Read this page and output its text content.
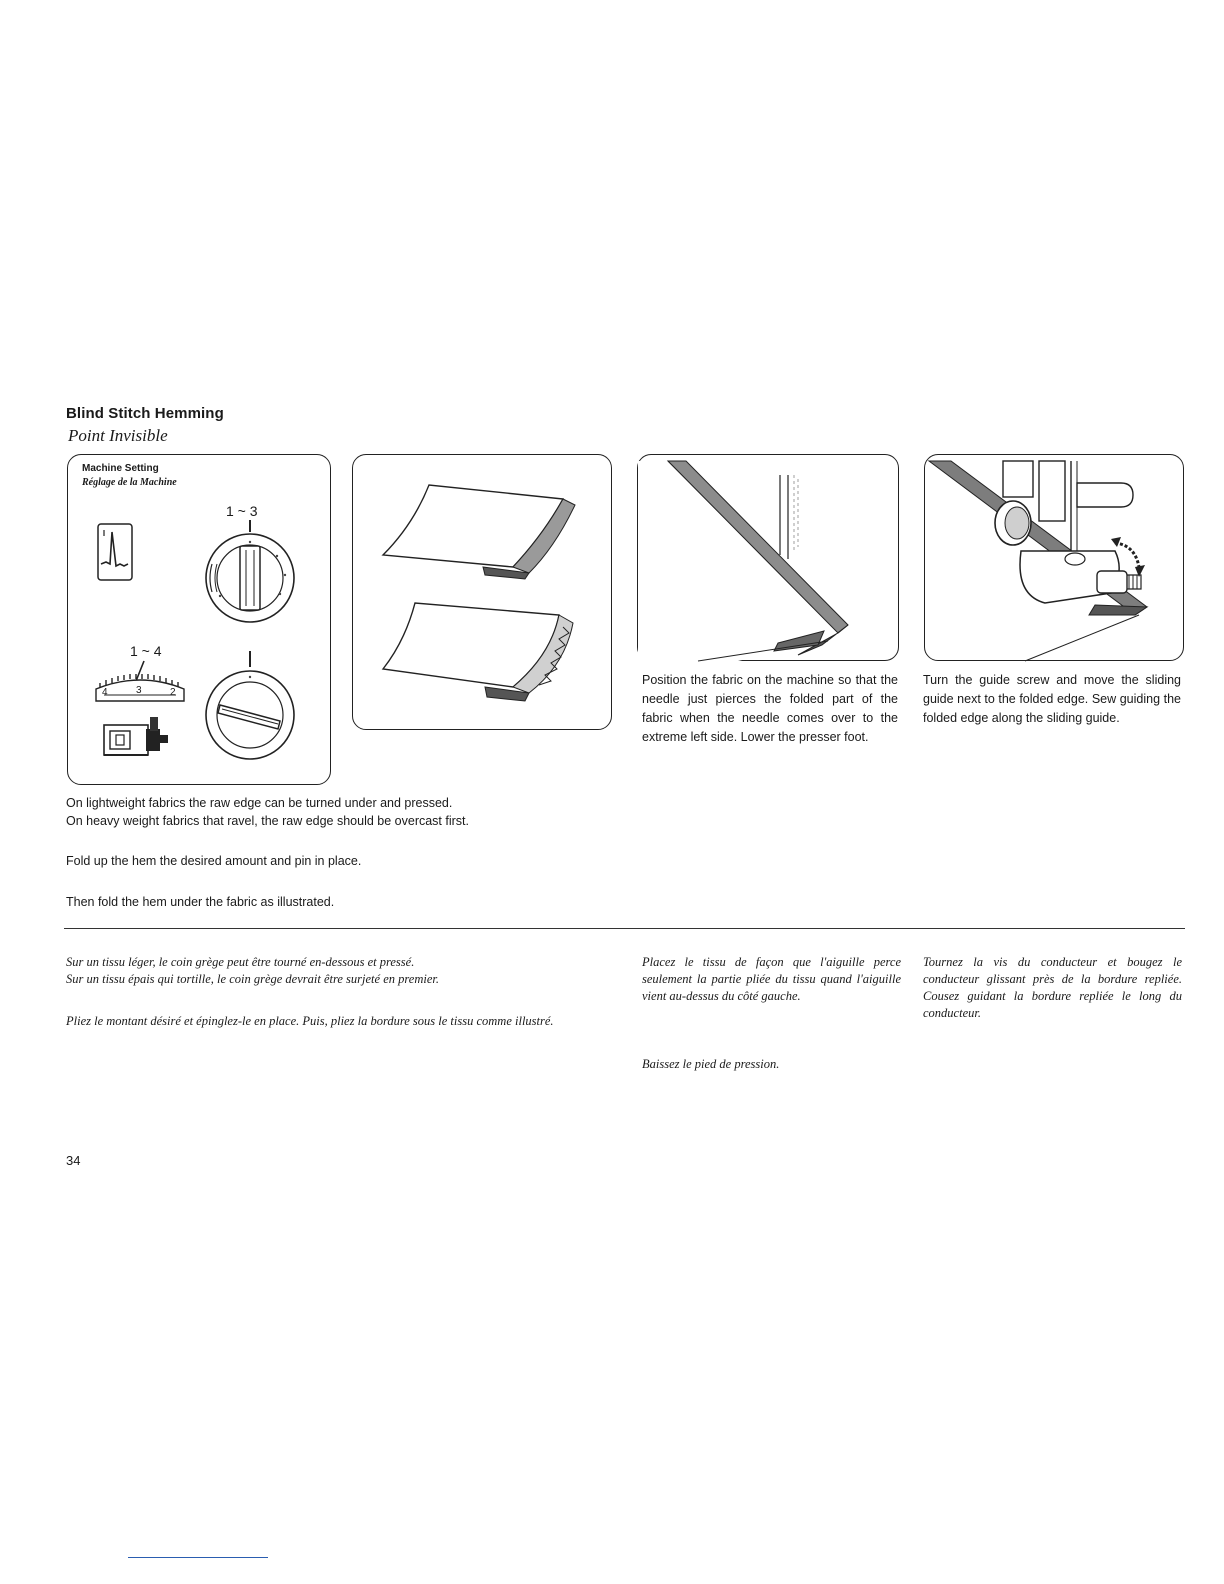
Blind Stitch Hemming
Point Invisible
Machine Setting
Réglage de la Machine
1 ~ 3
1 ~ 4
4	3	2
Position the fabric on the machine so that the needle just pierces the folded part of the fabric when the needle comes over to the extreme left side. Lower the presser foot.
Turn the guide screw and move the sliding guide next to the folded edge. Sew guiding the folded edge along the sliding guide.

On lightweight fabrics the raw edge can be turned under and pressed.

On heavy weight fabrics that ravel, the raw edge should be overcast first.

Fold up the hem the desired amount and pin in place.

Then fold the hem under the fabric as illustrated.

Sur un tissu léger, le coin grège peut être tourné en-dessous et pressé.

Sur un tissu épais qui tortille, le coin grège devrait être surjeté en premier.

Pliez le montant désiré et épinglez-le en place. Puis, pliez la bordure sous le tissu comme illustré.

Placez le tissu de façon que l'aiguille perce seulement la partie pliée du tissu quand l'aiguille vient au-dessus du côté gauche.

Baissez le pied de pression.

Tournez la vis du conducteur et bougez le conducteur glissant près de la bordure repliée. Cousez guidant la bordure repliée le long du conducteur.

34
